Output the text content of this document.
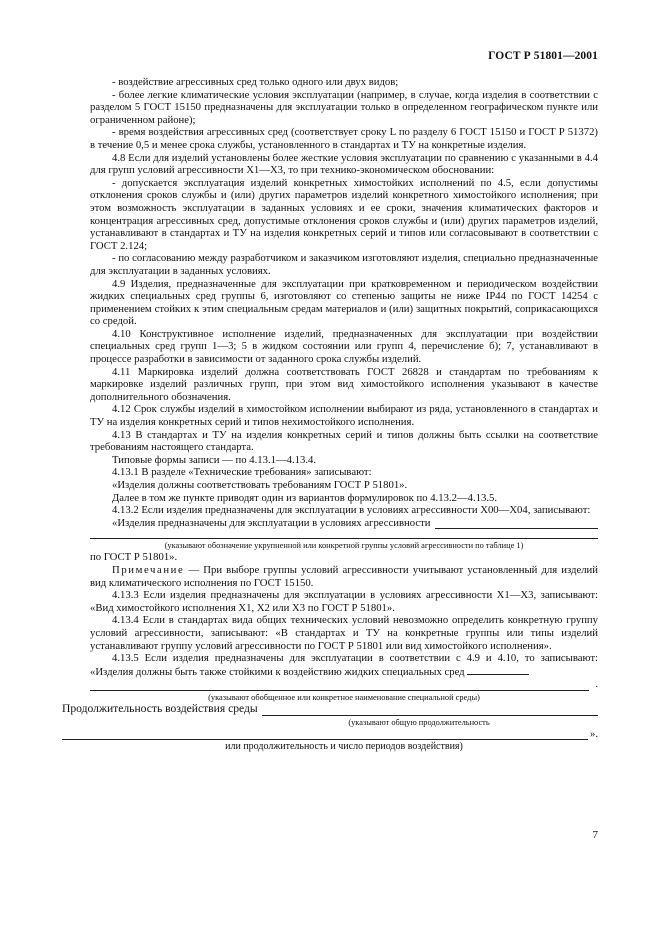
ГОСТ Р 51801—2001

- воздействие агрессивных сред только одного или двух видов;

- более легкие климатические условия эксплуатации (например, в случае, когда изделия в соответствии с разделом 5 ГОСТ 15150 предназначены для эксплуатации только в определенном географическом пункте или ограниченном районе);

- время воздействия агрессивных сред (соответствует сроку L по разделу 6 ГОСТ 15150 и ГОСТ Р 51372) в течение 0,5 и менее срока службы, установленного в стандартах и ТУ на конкретные изделия.

4.8 Если для изделий установлены более жесткие условия эксплуатации по сравнению с указанными в 4.4 для групп условий агрессивности Х1—Х3, то при технико-экономическом обосновании:

- допускается эксплуатация изделий конкретных химостойких исполнений по 4.5, если допустимы отклонения сроков службы и (или) других параметров изделий конкретного химостойкого исполнения; при этом возможность эксплуатации в заданных условиях и ее сроки, значения климатических факторов и концентрация агрессивных сред, допустимые отклонения сроков службы и (или) других параметров изделий, устанавливают в стандартах и ТУ на изделия конкретных серий и типов или согласовывают в соответствии с ГОСТ 2.124;

- по согласованию между разработчиком и заказчиком изготовляют изделия, специально предназначенные для эксплуатации в заданных условиях.

4.9 Изделия, предназначенные для эксплуатации при кратковременном и периодическом воздействии жидких специальных сред группы 6, изготовляют со степенью защиты не ниже IP44 по ГОСТ 14254 с применением стойких к этим специальным средам материалов и (или) защитных покрытий, соприкасающихся со средой.

4.10 Конструктивное исполнение изделий, предназначенных для эксплуатации при воздействии специальных сред групп 1—3; 5 в жидком состоянии или групп 4, перечисление б); 7, устанавливают в процессе разработки в зависимости от заданного срока службы изделий.

4.11 Маркировка изделий должна соответствовать ГОСТ 26828 и стандартам по требованиям к маркировке изделий различных групп, при этом вид химостойкого исполнения указывают в качестве дополнительного обозначения.

4.12 Срок службы изделий в химостойком исполнении выбирают из ряда, установленного в стандартах и ТУ на изделия конкретных серий и типов нехимостойкого исполнения.

4.13 В стандартах и ТУ на изделия конкретных серий и типов должны быть ссылки на соответствие требованиям настоящего стандарта.

Типовые формы записи — по 4.13.1—4.13.4.

4.13.1 В разделе «Технические требования» записывают:

«Изделия должны соответствовать требованиям ГОСТ Р 51801».

Далее в том же пункте приводят один из вариантов формулировок по 4.13.2—4.13.5.

4.13.2 Если изделия предназначены для эксплуатации в условиях агрессивности Х00—Х04, записывают:

«Изделия предназначены для эксплуатации в условиях агрессивности
(указывают обозначение укрупненной или конкретной группы условий агрессивности по таблице 1)

по ГОСТ Р 51801».

Примечание — При выборе группы условий агрессивности учитывают установленный для изделий вид климатического исполнения по ГОСТ 15150.

4.13.3 Если изделия предназначены для эксплуатации в условиях агрессивности Х1—Х3, записывают: «Вид химостойкого исполнения Х1, Х2 или Х3 по ГОСТ Р 51801».

4.13.4 Если в стандартах вида общих технических условий невозможно определить конкретную группу условий агрессивности, записывают: «В стандартах и ТУ на конкретные группы или типы изделий устанавливают группу условий агрессивности по ГОСТ Р 51801 или вид химостойкого исполнения».

4.13.5 Если изделия предназначены для эксплуатации в соответствии с 4.9 и 4.10, то записывают: «Изделия должны быть также стойкими к воздействию жидких специальных сред

.
(указывают обобщенное или конкретное наименование специальной среды)
Продолжительность воздействия среды
(указывают общую продолжительность
».
или продолжительность и число периодов воздействия)
7
